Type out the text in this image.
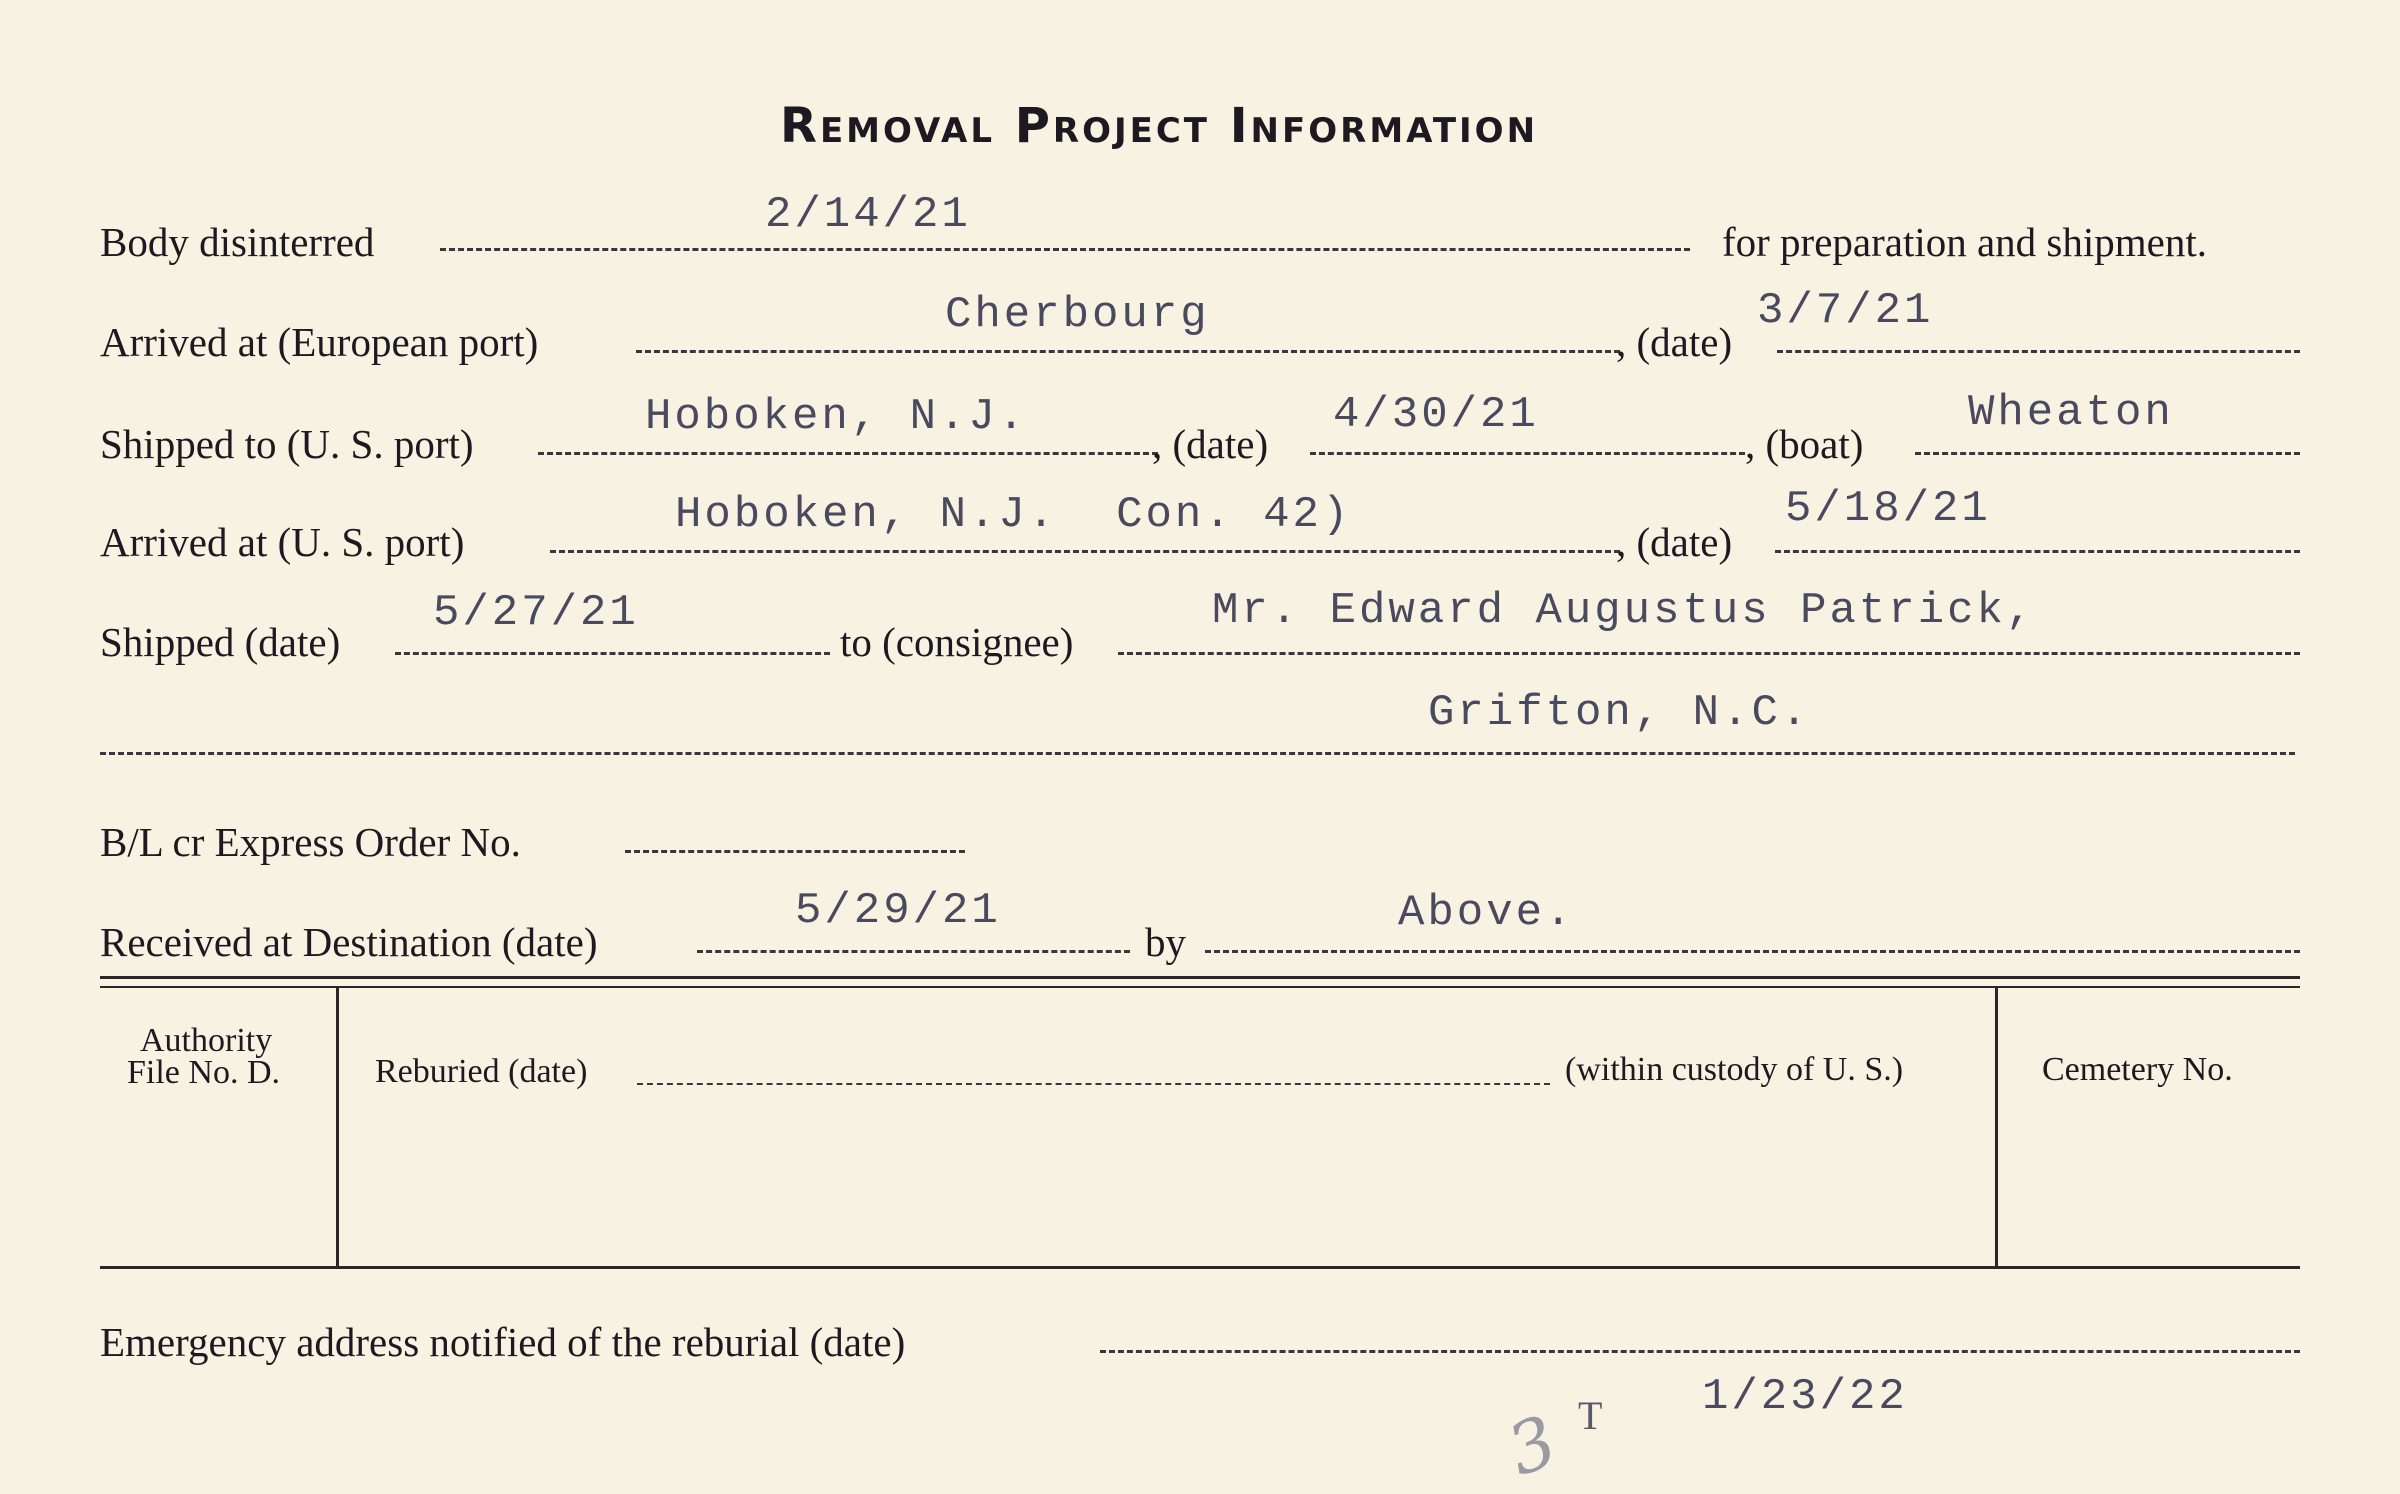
Removal Project Information
Body disinterred
2/14/21
for preparation and shipment.
Arrived at (European port)
Cherbourg
, (date)
3/7/21
Shipped to (U. S. port)
Hoboken, N.J.
, (date)
4/30/21
, (boat)
Wheaton
Arrived at (U. S. port)
Hoboken, N.J.  Con. 42)
, (date)
5/18/21
Shipped (date)
5/27/21
to (consignee)
Mr. Edward Augustus Patrick,
Grifton, N.C.
B/L cr Express Order No.
Received at Destination (date)
5/29/21
by
Above.
Authority
File No. D.	Reburied (date)	(within custody of U. S.)	Cemetery No.
Emergency address notified of the reburial (date)
3 T 1/23/22
